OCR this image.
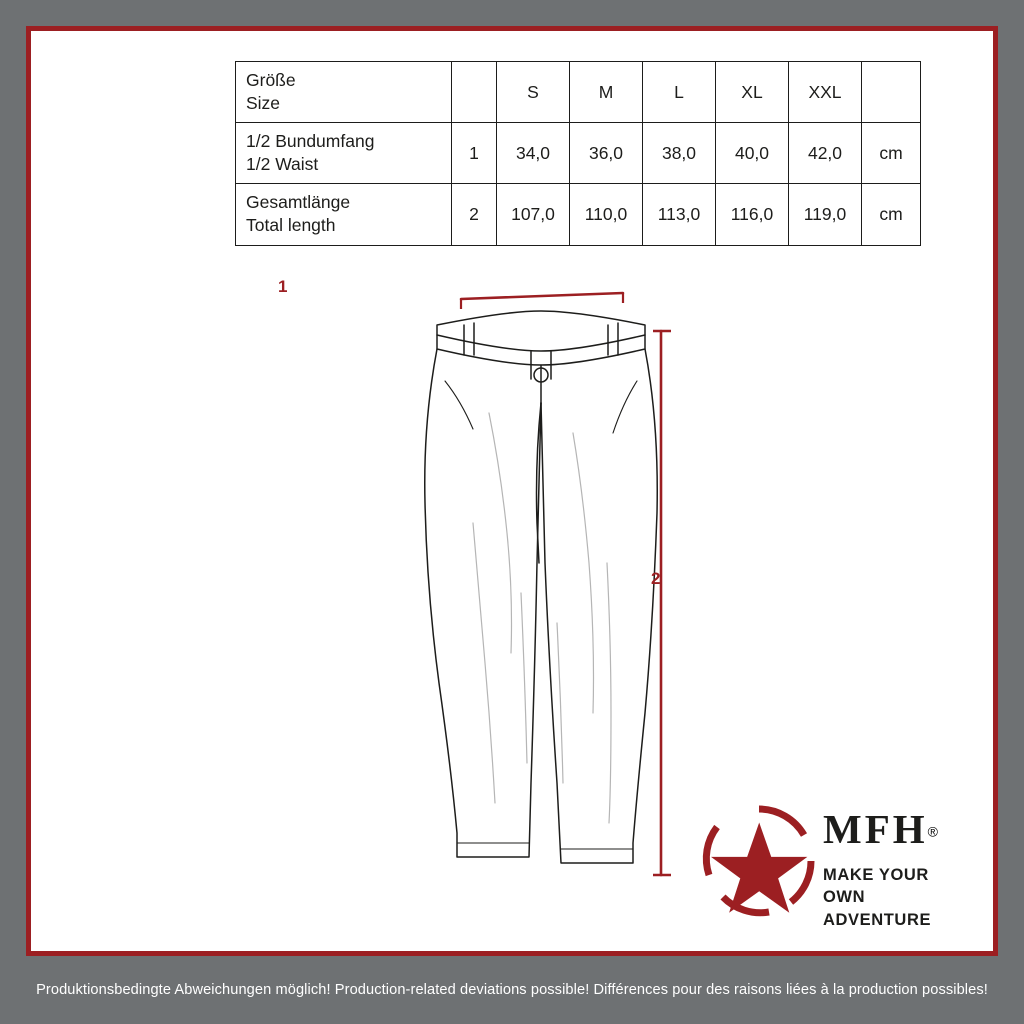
Größe
Size		S	M	L	XL	XXL	

1/2 Bundumfang
1/2 Waist	1	34,0	36,0	38,0	40,0	42,0	cm

Gesamtlänge
Total length	2	107,0	110,0	113,0	116,0	119,0	cm
1
2
MFH®
MAKE YOUR OWN
ADVENTURE
Produktionsbedingte Abweichungen möglich! Production-related deviations possible! Différences pour des raisons liées à la production possibles!
